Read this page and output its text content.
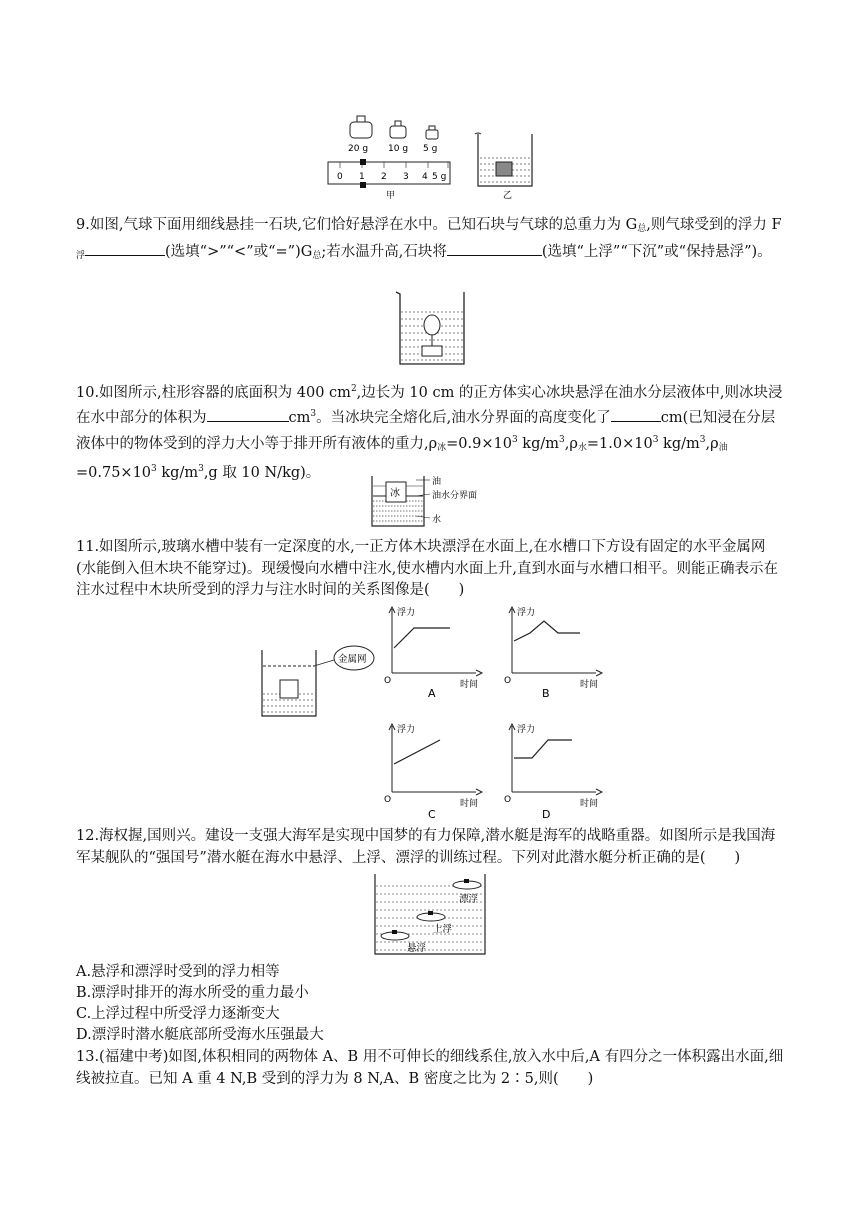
20 g 10 g 5 g
0 1 2 3 4 5 g
甲	乙
9.如图,气球下面用细线悬挂一石块,它们恰好悬浮在水中。已知石块与气球的总重力为 $G_总$,则气球受到的浮力 $F_浮$	(选填“>”“<”或“$=”)G_总$;若水温升高,石块将	(选填“上浮”“下沉”或“保持悬浮”)。
10.如图所示,柱形容器的底面积为 400 $cm^2$,边长为 10 cm 的正方体实心冰块悬浮在油水分层液体中,则冰块浸在水中部分的体积为	$cm^3$。当冰块完全熔化后,油水分界面的高度变化了	cm(已知浸在分层液体中的物体受到的浮力大小等于排开所有液体的重力$,\rho_冰=0.9\times 10^3$ $kg/m^3,\rho_水=1.0\times 10^3$ $kg/m^3,\rho_油=0.75\times 10^3$ $kg/m^3,g$ 取 10 N/kg)。
冰
油
油水分界面
水
11.如图所示,玻璃水槽中装有一定深度的水,一正方体木块漂浮在水面上,在水槽口下方设有固定的水平金属网(水能倒入但木块不能穿过)。现缓慢向水槽中注水,使水槽内水面上升,直到水面与水槽口相平。则能正确表示在注水过程中木块所受到的浮力与注水时间的关系图像是(　　)
金属网
浮力
时间
O
A
浮力
时间
O
B
浮力
时间
O
C
浮力
时间
O
D
12.海权握,国则兴。建设一支强大海军是实现中国梦的有力保障,潜水艇是海军的战略重器。如图所示是我国海军某舰队的“强国号”潜水艇在海水中悬浮、上浮、漂浮的训练过程。下列对此潜水艇分析正确的是(　　)
漂浮
上浮
悬浮
A.悬浮和漂浮时受到的浮力相等
B.漂浮时排开的海水所受的重力最小
C.上浮过程中所受浮力逐渐变大
D.漂浮时潜水艇底部所受海水压强最大
13.(福建中考)如图,体积相同的两物体 A、B 用不可伸长的细线系住,放入水中后,A 有四分之一体积露出水面,细线被拉直。已知 A 重 4 N,B 受到的浮力为 8 N,A、B 密度之比为 2∶5,则(　　)
